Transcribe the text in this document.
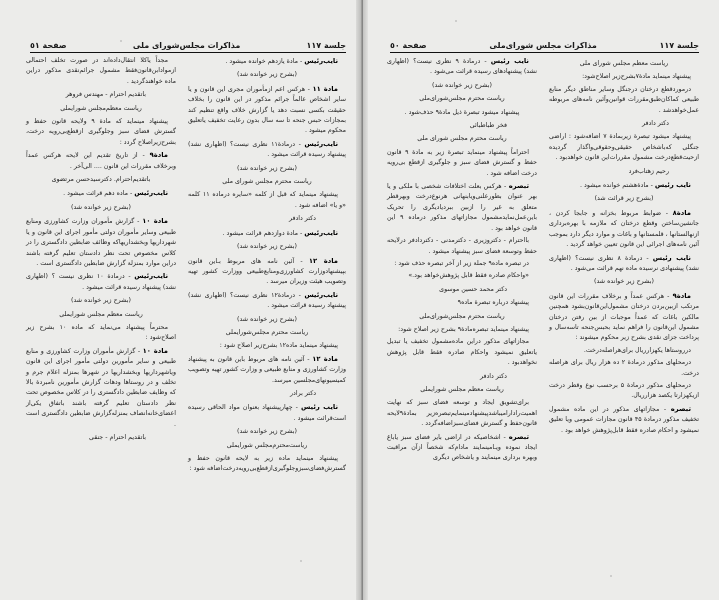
جلسة ١١٧
مذاکرات مجلس‌شورای ملی
صفحة ٥١

نایب‌رئیس - مادة یازدهم خوانده میشود .

(بشرح زیر خوانده شد)

مادة ۱۱ - هرکس اعم ازمأموران مجری این قانون و یا سایر اشخاص عالماً جرائم مذکور در این قانون را بخلاف حقیقت بکسی نسبت دهد یا گزارش خلاف واقع تنظیم کند بمجازات حبس جنحه تا سه سال بدون رعایت تخفیف یاتعلیق محکوم میشود .

نایب‌رئیس - درمادة۱۱ نظری نیست؟ (اظهاری نشد) پیشنهاد رسیده قرائت میشود .

(بشرح زیر خوانده شد)

ریاست محترم مجلس شورای ملی

پیشنهاد مینماید که قبل از کلمه «سایره درماده ۱۱ کلمه «و یا» اضافه شود .

دکتر دادفر

نایب‌رئیس - مادة دوازدهم قرائت میشود .

(بشرح زیر خوانده شد)

مادة ۱۲ - آئین نامه های مربوط بـاین قانون بپیشنهادوزارت کشاورزی‌ومنابع‌طبیعی ووزارت کشور تهیه وتصویب هیئت وزیران میرسد .

نایب‌رئیس - درمادة۱۲ نظری نیست؟ (اظهاری نشد) پیشنهاد رسیده قرائت میشود .

(بشرح زیر خوانده شد)

ریاست محترم مجلس‌شورایملی

پیشنهاد مینماید ماده۱۲ بشرح‌زیر اصلاح شود :

مادة ۱۲ - آئین نامه های مربوط باین قانون به پیشنهاد وزارت کشاورزی و منابع طبیعی و وزارت کشور تهیه وتصویب کمیسیونهای‌مجلسین میرسد.

دکتر برادر

نایب رئیس - چهارپیشنهاد بعنوان مواد الحاقی رسیده است‌قرائت میشود .

(بشرح زیر خوانده شد)

ریاست‌محترم‌مجلس شورایملی

پیشنهاد مینماید ماده زیر به لایحه قانون حفظ و گسترش‌فضای‌سبزوجلوگیری‌ازقطع‌بی‌رویه‌درخت‌اضافه شود :

مجداً یاکلا انتقال‌داده‌اند در صورت تخلف احتمالی ازموادابن‌قانون‌فقط مشمول جرائم‌نقدی مذکور دراین ماده خواهندگردید .

باتقدیم احترام - مهندس فروهر

ریاست معظم‌مجلس شورایملی

پیشنهاد مینماید که مادة ۹ ولایحه قانون حفظ و گسترش فضای سبز وجلوگیری ازقطع‌بی‌رویه درخت، بشرح‌زیراصلاح گردد :

مادة۹ - از تاریخ تقدیم این لایحه هرکس عمداً وبرخلاف مقررات این قانون .... الی‌آخر .

باتقدیم‌احترام. دکترسیدحسن مرتضوی

نایب‌رئیس - ماده دهم قرائت میشود .

(بشرح زیر خوانده شد)

مادة ۱۰ - گزارش مأموران وزارت کشاورزی ومنابع طبیعی وسایر مأموران دولتی مأمور اجرای این قانون و یا شهرداریها وبخشداریهاکه وظائف ضابطین دادگستری را در کلاس مخصوص تحت نظر دادستان تعلیم گرفته باشند دراین موارد بمنزلة گزارش ضابطین دادگستری است .

نایب‌رئیس - درمادة ۱۰ نظری نیست ؟ (اظهاری نشد) پیشنهاد رسیده قرائت میشود .

(بشرح زیر خوانده شد)

ریاست معظم مجلس شورایملی

محترماً پیشنهاد می‌نماید که ماده ۱۰ بشرح زیر اصلاح‌شود :

مادة ۱۰ - گزارش مأموران وزارت کشاورزی و منابع طبیعی و سایر مأمورین دولتی مأمور اجرای این قانون ویاشهرداریها وبخشداریها در شهرها بمنزله اعلام جرم و تخلف و در روستاها ودهات گزارش مأمورین نامبردة بالا که وظایف ضابطین دادگستری را در کلاس مخصوص تحت نظر دادستان تعلیم گرفته باشند باتفاق یکی‌از اعضای‌خانه‌انصاف بمنزله‌گزارش ضابطین دادگستری است .

باتقدیم احترام - جنقی

جلسة ١١٧
مذاکرات مجلس شورای‌ملی
صفحة ٥٠

ریاست معظم مجلس شورای ملی

پیشنهاد مینماید مادة۷بشرح‌زیر اصلاح‌شود:

درموردقطع درختان درجنگل وسایر مناطق دیگر منابع طبیعی کماکان‌طبق‌مقررات قوانین‌وآئین نامه‌های مربوطه عمل‌خواهدشد .

دکتر دادفر

پیشنهاد میشود تبصرة زیربمادة ۷ اضافه‌شود : اراضی جنگلی که‌باشخاص حقیقی‌وحقوقی‌واگذار گردیده ازحیث‌قطع‌درخت مشمول مقررات‌این قانون خواهدبود .

رحیم زهتاب‌فرد

نایب رئیس - مادةهشتم خوانده میشود .

(بشرح زیر قرائت شد)

مادة۸ - ضوابط مربوط بخزانه و جابجا کردن ، جانشین‌ساختن وقطع درختان که ملازمه با بهره‌برداری ازنهالستانها ، قلمستانها و باغات و موارد دیگر دارد بموجب آئین نامه‌های اجرائی این قانون تعیین خواهد گردید .

نایب رئیس - درمادة ۸ نظری نیست؟ (اظهاری نشد) پیشنهادی نرسیده ماده نهم قرائت می‌شود .

(بشرح زیر خوانده شد)

مادة۹ - هرکس عمداً و برخلاف مقررات این قانون مرتکب ازبین‌بردن درختان مشمول‌این‌قانون‌بشود همچنین مالکین باغات که عمداً موجبات از بین رفتن درختان مشمول این‌قانون را فراهم نماید بحبس‌جنحه تاسه‌سال و پرداخت جزای نقدی بشرح زیر محکوم میشوند :

درروستاها یکهزارریال برای‌هراصله‌درخت.

درمحلهای مذکور درمادة ۲ ده هزار ریال برای هراصله درخت.

درمحلهای مذکور درمادة ۵ برحسب نوع وقطر درخت ازیکهزارتا یکصد هزارریال.

تبصره - مجازاتهای مذکور در این ماده مشمول تخفیف مذکور درمادة ۴۵ قانون مجازات عمومی ویا تعلیق نمیشود و احکام صادره فقط قابل‌پژوهش خواهد بود .

نایب رئیس - درمادة ۹ نظری نیست؟ (اظهاری نشد) پیشنهادهای رسیده قرائت می‌شود .

(بشرح زیر خوانده شد)

ریاست محترم مجلس‌شورای‌ملی

پیشنهاد میشود تبصرة ذیل مادة۹ حذف‌شود .

فخر طباطبائی

ریاست محترم مجلس شورای ملی

احتراماً پیشنهاد مینماید تبصرة زیر به مادة ۹ قانون حفظ و گسترش فضای سبز و جلوگیری ازقطع بی‌رویه درخت اضافه شود .

تبصره - هرکس بعلت اختلافات شخصی با ملکی و یا بهر عنوان بطورعلنی‌ویابنهانی هرنوع‌درخت وبهرقطر متعلق به غیر را ازبین ببردیادیگری را تحریک باین‌عمل‌نماید‌مشمول مجازاتهای مذکور درماده ۹ این قانون خواهد بود .

بااحترام - دکتروزیری - دکترمدنی - دکتردادفر درلایحه حفظ وتوسعة فضای سبز پیشنهاد میشود .

در تبصره ماده۹ جملة زیر از آخر تبصره حذف شود :

«واحکام صادره فقط قابل پژوهش‌خواهد بود.»

دکتر محمد حسین موسوی

پیشنهاد درباره تبصرة ماده۹

ریاست محترم مجلس‌شورای‌ملی

پیشنهاد مینماید تبصره‌مادة۹ بشرح زیر اصلاح شود:

مجازاتهای مذکور دراین ماده‌مشمول تخفیف یا تبدیل یاتعلیق نمیشود واحکام صادره فقط قابل پژوهش نخواهدبود .

دکتر دادفر

ریاست معظم مجلس شورایملی

برای‌تشویق ایجاد و توسعه فضای سبز که نهایت اهمیت‌رادارامیباشدپیشنهادمینمایم‌تبصره‌زیر بمادة۹لایحه قانون‌حفظ و گسترش فضای‌سبزاضافه‌گردد .

تبصره - اشخاصیکه در اراضی بایر فضای سبز یاباغ ایجاد نموده ویـامینمایند مادام‌که شخصاً ازآن مراقبت وبهره برداری مینمایند و یاشخاص دیگری
